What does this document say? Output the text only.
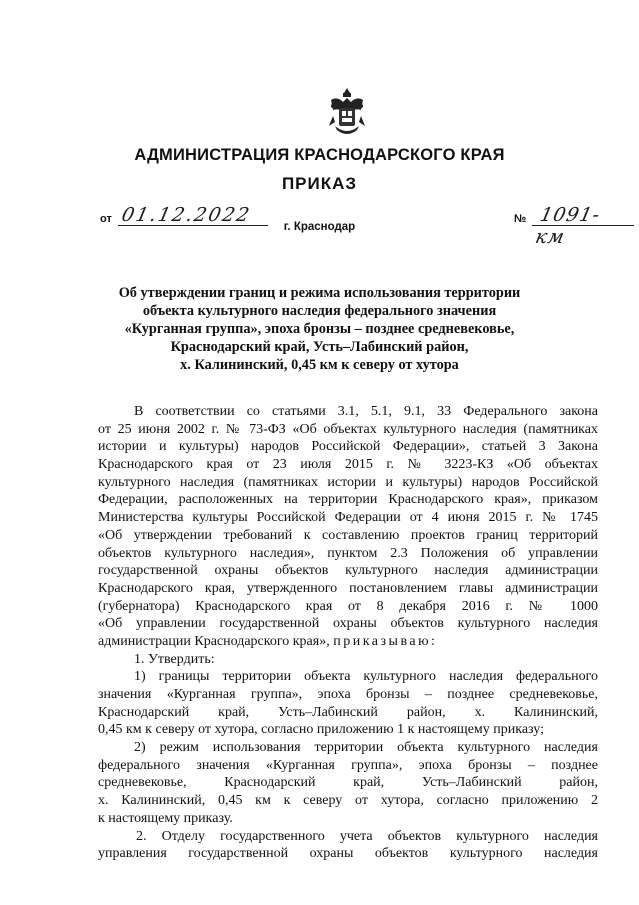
АДМИНИСТРАЦИЯ КРАСНОДАРСКОГО КРАЯ
ПРИКАЗ
от 01.12.2022	№ 1091-км
г. Краснодар
Об утверждении границ и режима использования территории
объекта культурного наследия федерального значения
«Курганная группа», эпоха бронзы – позднее средневековье,
Краснодарский край, Усть–Лабинский район,
х. Калининский, 0,45 км к северу от хутора
В соответствии со статьями 3.1, 5.1, 9.1, 33 Федерального закона
от 25 июня 2002 г. № 73-ФЗ «Об объектах культурного наследия (памятниках
истории и культуры) народов Российской Федерации», статьей 3 Закона
Краснодарского края от 23 июля 2015 г. № 3223-КЗ «Об объектах
культурного наследия (памятниках истории и культуры) народов Российской
Федерации, расположенных на территории Краснодарского края», приказом
Министерства культуры Российской Федерации от 4 июня 2015 г. № 1745
«Об утверждении требований к составлению проектов границ территорий
объектов культурного наследия», пунктом 2.3 Положения об управлении
государственной охраны объектов культурного наследия администрации
Краснодарского края, утвержденного постановлением главы администрации
(губернатора) Краснодарского края от 8 декабря 2016 г. № 1000
«Об управлении государственной охраны объектов культурного наследия
администрации Краснодарского края», приказываю:
1. Утвердить:
1) границы территории объекта культурного наследия федерального
значения «Курганная группа», эпоха бронзы – позднее средневековье,
Краснодарский край, Усть–Лабинский район, х. Калининский,
0,45 км к северу от хутора, согласно приложению 1 к настоящему приказу;
2) режим использования территории объекта культурного наследия
федерального значения «Курганная группа», эпоха бронзы – позднее
средневековье, Краснодарский край, Усть–Лабинский район,
х. Калининский, 0,45 км к северу от хутора, согласно приложению 2
к настоящему приказу.
2. Отделу государственного учета объектов культурного наследия
управления государственной охраны объектов культурного наследия
